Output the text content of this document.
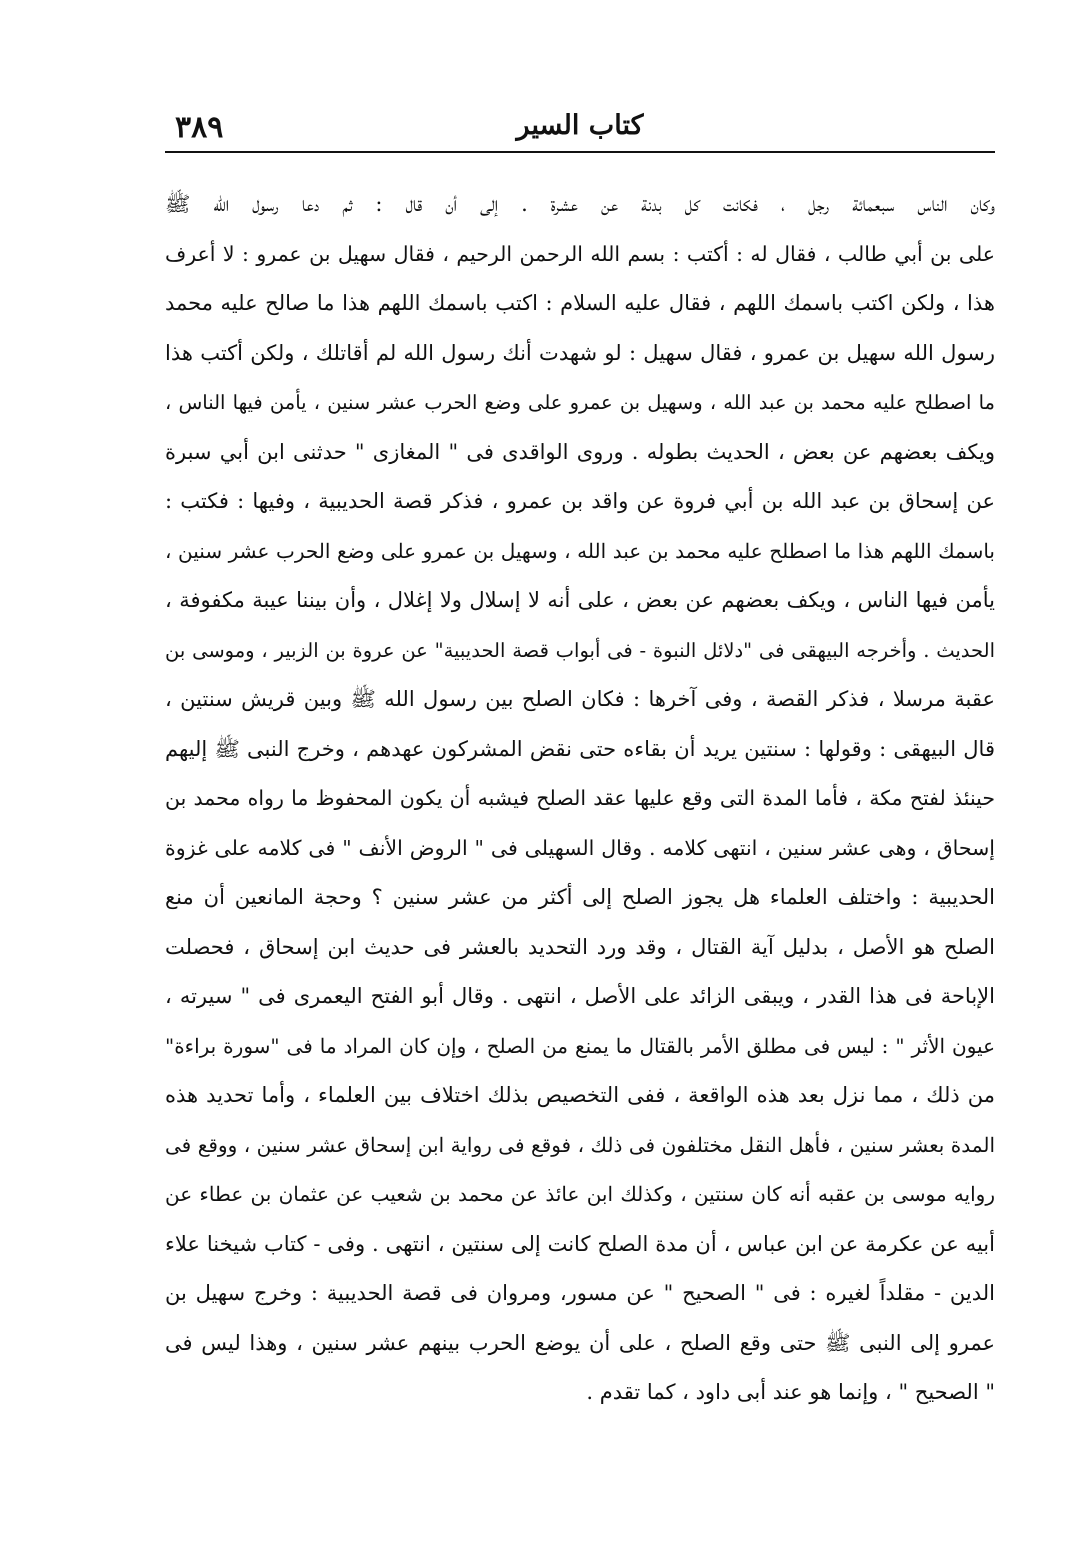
٣٨٩	كتاب السير
وكان الناس سبعمائة رجل ، فكانت كل بدنة عن عشرة . إلى أن قال : ثم دعا رسول الله ﷺ
على بن أبي طالب ، فقال له : أكتب : بسم الله الرحمن الرحيم ، فقال سهيل بن عمرو : لا أعرف
هذا ، ولكن اكتب باسمك اللهم ، فقال عليه السلام : اكتب باسمك اللهم هذا ما صالح عليه محمد
رسول الله سهيل بن عمرو ، فقال سهيل : لو شهدت أنك رسول الله لم أقاتلك ، ولكن أكتب هذا
ما اصطلح عليه محمد بن عبد الله ، وسهيل بن عمرو على وضع الحرب عشر سنين ، يأمن فيها الناس ،
ويكف بعضهم عن بعض ، الحديث بطوله . وروى الواقدى فى " المغازى " حدثنى ابن أبي سبرة
عن إسحاق بن عبد الله بن أبي فروة عن واقد بن عمرو ، فذكر قصة الحديبية ، وفيها : فكتب :
باسمك اللهم هذا ما اصطلح عليه محمد بن عبد الله ، وسهيل بن عمرو على وضع الحرب عشر سنين ،
يأمن فيها الناس ، ويكف بعضهم عن بعض ، على أنه لا إسلال ولا إغلال ، وأن بيننا عيبة مكفوفة ،
الحديث . وأخرجه البيهقى فى "دلائل النبوة - فى أبواب قصة الحديبية" عن عروة بن الزبير ، وموسى بن
عقبة مرسلا ، فذكر القصة ، وفى آخرها : فكان الصلح بين رسول الله ﷺ وبين قريش سنتين ،
قال البيهقى : وقولها : سنتين يريد أن بقاءه حتى نقض المشركون عهدهم ، وخرج النبى ﷺ إليهم
حينئذ لفتح مكة ، فأما المدة التى وقع عليها عقد الصلح فيشبه أن يكون المحفوظ ما رواه محمد بن
إسحاق ، وهى عشر سنين ، انتهى كلامه . وقال السهيلى فى " الروض الأنف " فى كلامه على غزوة
الحديبية : واختلف العلماء هل يجوز الصلح إلى أكثر من عشر سنين ؟ وحجة المانعين أن منع
الصلح هو الأصل ، بدليل آية القتال ، وقد ورد التحديد بالعشر فى حديث ابن إسحاق ، فحصلت
الإباحة فى هذا القدر ، ويبقى الزائد على الأصل ، انتهى . وقال أبو الفتح اليعمرى فى " سيرته ،
عيون الأثر " : ليس فى مطلق الأمر بالقتال ما يمنع من الصلح ، وإن كان المراد ما فى "سورة براءة"
من ذلك ، مما نزل بعد هذه الواقعة ، ففى التخصيص بذلك اختلاف بين العلماء ، وأما تحديد هذه
المدة بعشر سنين ، فأهل النقل مختلفون فى ذلك ، فوقع فى رواية ابن إسحاق عشر سنين ، ووقع فى
روايه موسى بن عقبه أنه كان سنتين ، وكذلك ابن عائذ عن محمد بن شعيب عن عثمان بن عطاء عن
أبيه عن عكرمة عن ابن عباس ، أن مدة الصلح كانت إلى سنتين ، انتهى . وفى - كتاب شيخنا علاء
الدين - مقلداً لغيره : فى " الصحيح " عن مسور، ومروان فى قصة الحديبية : وخرج سهيل بن
عمرو إلى النبى ﷺ حتى وقع الصلح ، على أن يوضع الحرب بينهم عشر سنين ، وهذا ليس فى
" الصحيح " ، وإنما هو عند أبى داود ، كما تقدم .
